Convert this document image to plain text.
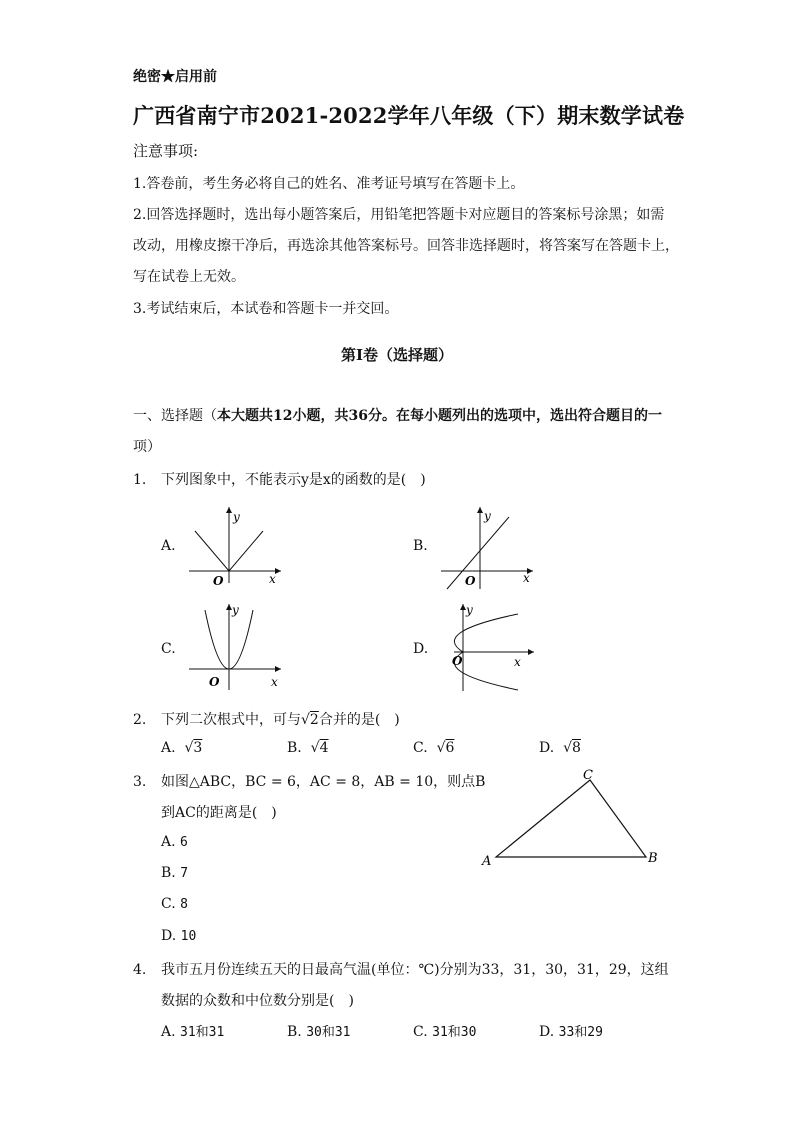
绝密★启用前
广西省南宁市2021-2022学年八年级（下）期末数学试卷
注意事项:
1.答卷前，考生务必将自己的姓名、准考证号填写在答题卡上。
2.回答选择题时，选出每小题答案后，用铅笔把答题卡对应题目的答案标号涂黑；如需
改动，用橡皮擦干净后，再选涂其他答案标号。回答非选择题时，将答案写在答题卡上，
写在试卷上无效。
3.考试结束后，本试卷和答题卡一并交回。
第I卷（选择题）
一、选择题（本大题共12小题，共36分。在每小题列出的选项中，选出符合题目的一
项）
1. 下列图象中，不能表示y是x的函数的是(　)
A.	B.
C.	D.
y
x
O
y
x
O
y
x
O
y
x
O
2. 下列二次根式中，可与√2合并的是(　)
A.  √3	B.  √4	C.  √6	D.  √8
3. 如图△ABC，BC = 6，AC = 8，AB = 10，则点B
到AC的距离是(　)
A. 6
B. 7
C. 8
D. 10
A	B
C
4. 我市五月份连续五天的日最高气温(单位：℃)分别为33，31，30，31，29，这组
数据的众数和中位数分别是(　)
A. 31和31	B. 30和31	C. 31和30	D. 33和29
